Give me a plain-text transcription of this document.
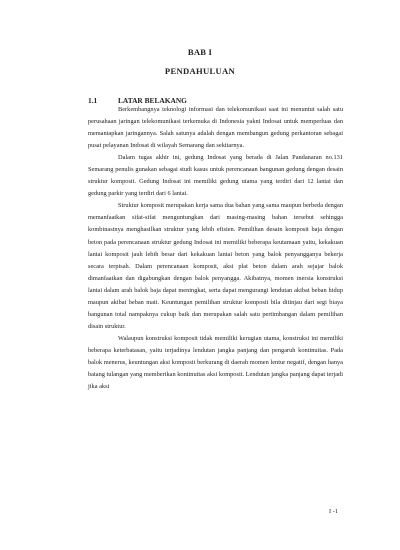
BAB I
PENDAHULUAN
1.1	LATAR BELAKANG

Berkembangnya teknologi informasi dan telekomunikasi saat ini menuntut salah satu perusahaan jaringan telekomunikasi terkemuka di Indonesia yakni Indosat untuk memperluas dan memantapkan jaringannya. Salah satunya adalah dengan membangun gedung perkantoran sebagai pusat pelayanan Indosat di wilayah Semarang dan sekitarnya.

Dalam tugas akhir ini, gedung Indosat yang berada di Jalan Pandanaran no.131 Semarang penulis gunakan sebagai studi kasus untuk perencanaan bangunan gedung dengan desain struktur komposit. Gedung Indosat ini memiliki gedung utama yang terdiri dari 12 lantai dan gedung parkir yang terdiri dari 6 lantai.

Struktur komposit merupakan kerja sama dua bahan yang sama maupun berbeda dengan memanfaatkan sifat-sifat menguntungkan dari masing-masing bahan tersebut sehingga kombinasinya menghasilkan struktur yang lebih efisien. Pemilihan desain komposit baja dengan beton pada perencanaan struktur gedung Indosat ini memiliki beberapa keutamaan yaitu, kekakuan lantai komposit jauh lebih besar dari kekakuan lantai beton yang balok penyangganya bekerja secara terpisah. Dalam perencanaan komposit, aksi plat beton dalam arah sejajar balok dimanfaatkan dan digabungkan dengan balok penyangga. Akibatnya, momen inersia konstruksi lantai dalam arah balok baja dapat meningkat, serta dapat mengurangi lendutan akibat beban hidup maupun akibat beban mati. Keuntungan pemilihan struktur komposit bila ditinjau dari segi biaya bangunan total nampaknya cukup baik dan merupakan salah satu pertimbangan dalam pemilihan disain struktur.

Walaupun konstruksi komposit tidak memiliki kerugian utama, konstruksi ini memiliki beberapa keterbatasan, yaitu terjadinya lendutan jangka panjang dan pengaruh kontinuitas. Pada balok menerus, keuntungan aksi komposit berkurang di daerah momen lentur negatif, dengan hanya batang tulangan yang memberikan kontinuitas aksi komposit. Lendutan jangka panjang dapat terjadi jika aksi

I -1
